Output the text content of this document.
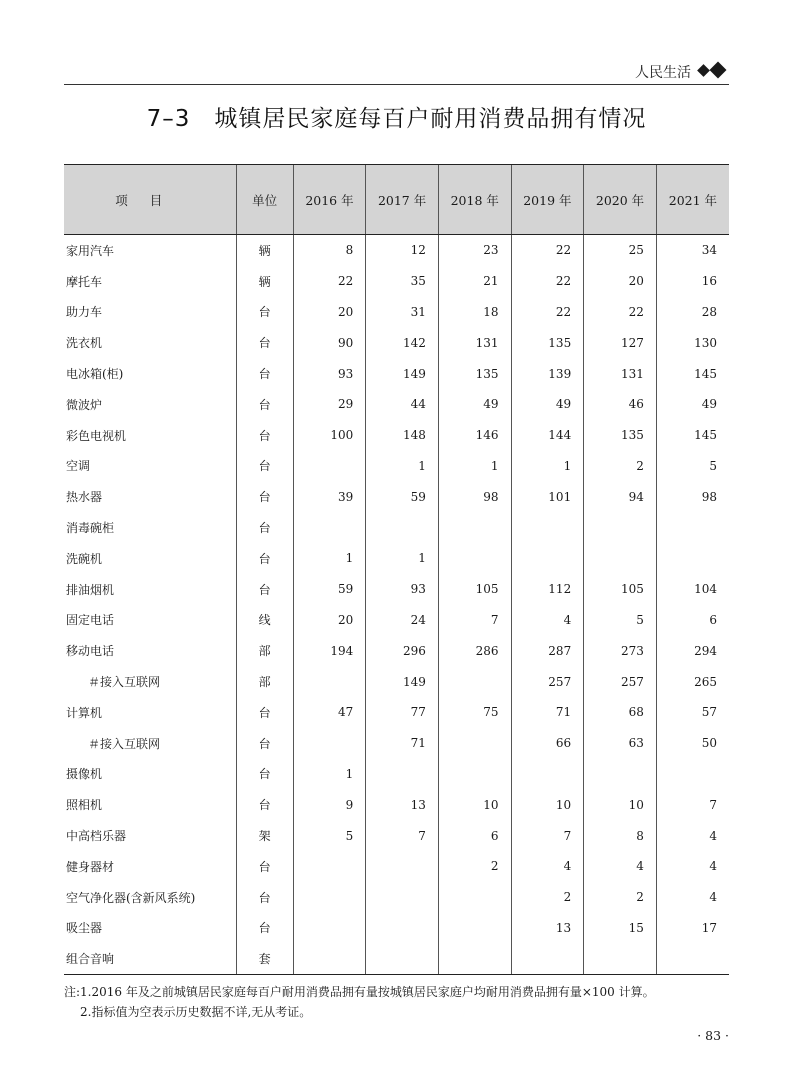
人民生活
7–3 城镇居民家庭每百户耐用消费品拥有情况
项目	单位	2016 年	2017 年	2018 年	2019 年	2020 年	2021 年
家用汽车	辆	8	12	23	22	25	34
摩托车	辆	22	35	21	22	20	16
助力车	台	20	31	18	22	22	28
洗衣机	台	90	142	131	135	127	130
电冰箱(柜)	台	93	149	135	139	131	145
微波炉	台	29	44	49	49	46	49
彩色电视机	台	100	148	146	144	135	145
空调	台		1	1	1	2	5
热水器	台	39	59	98	101	94	98
消毒碗柜	台						
洗碗机	台	1	1				
排油烟机	台	59	93	105	112	105	104
固定电话	线	20	24	7	4	5	6
移动电话	部	194	296	286	287	273	294
＃接入互联网	部		149		257	257	265
计算机	台	47	77	75	71	68	57
＃接入互联网	台		71		66	63	50
摄像机	台	1					
照相机	台	9	13	10	10	10	7
中高档乐器	架	5	7	6	7	8	4
健身器材	台			2	4	4	4
空气净化器(含新风系统)	台				2	2	4
吸尘器	台				13	15	17
组合音响	套						
注:1.2016 年及之前城镇居民家庭每百户耐用消费品拥有量按城镇居民家庭户均耐用消费品拥有量×100 计算。
2.指标值为空表示历史数据不详,无从考证。
· 83 ·
